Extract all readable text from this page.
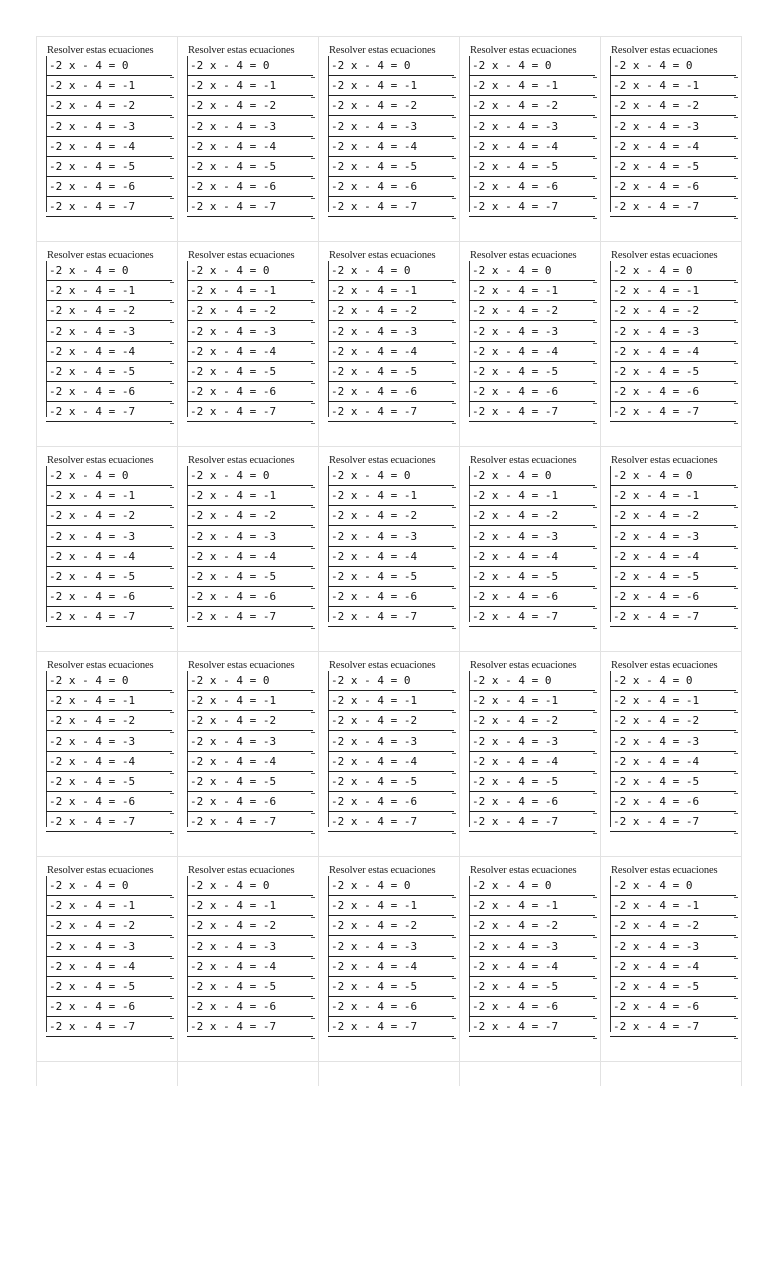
Resolver estas ecuaciones
-2 x - 4 = 0
-2 x - 4 = -1
-2 x - 4 = -2
-2 x - 4 = -3
-2 x - 4 = -4
-2 x - 4 = -5
-2 x - 4 = -6
-2 x - 4 = -7
Resolver estas ecuaciones
-2 x - 4 = 0
-2 x - 4 = -1
-2 x - 4 = -2
-2 x - 4 = -3
-2 x - 4 = -4
-2 x - 4 = -5
-2 x - 4 = -6
-2 x - 4 = -7
Resolver estas ecuaciones
-2 x - 4 = 0
-2 x - 4 = -1
-2 x - 4 = -2
-2 x - 4 = -3
-2 x - 4 = -4
-2 x - 4 = -5
-2 x - 4 = -6
-2 x - 4 = -7
Resolver estas ecuaciones
-2 x - 4 = 0
-2 x - 4 = -1
-2 x - 4 = -2
-2 x - 4 = -3
-2 x - 4 = -4
-2 x - 4 = -5
-2 x - 4 = -6
-2 x - 4 = -7
Resolver estas ecuaciones
-2 x - 4 = 0
-2 x - 4 = -1
-2 x - 4 = -2
-2 x - 4 = -3
-2 x - 4 = -4
-2 x - 4 = -5
-2 x - 4 = -6
-2 x - 4 = -7
Resolver estas ecuaciones
-2 x - 4 = 0
-2 x - 4 = -1
-2 x - 4 = -2
-2 x - 4 = -3
-2 x - 4 = -4
-2 x - 4 = -5
-2 x - 4 = -6
-2 x - 4 = -7
Resolver estas ecuaciones
-2 x - 4 = 0
-2 x - 4 = -1
-2 x - 4 = -2
-2 x - 4 = -3
-2 x - 4 = -4
-2 x - 4 = -5
-2 x - 4 = -6
-2 x - 4 = -7
Resolver estas ecuaciones
-2 x - 4 = 0
-2 x - 4 = -1
-2 x - 4 = -2
-2 x - 4 = -3
-2 x - 4 = -4
-2 x - 4 = -5
-2 x - 4 = -6
-2 x - 4 = -7
Resolver estas ecuaciones
-2 x - 4 = 0
-2 x - 4 = -1
-2 x - 4 = -2
-2 x - 4 = -3
-2 x - 4 = -4
-2 x - 4 = -5
-2 x - 4 = -6
-2 x - 4 = -7
Resolver estas ecuaciones
-2 x - 4 = 0
-2 x - 4 = -1
-2 x - 4 = -2
-2 x - 4 = -3
-2 x - 4 = -4
-2 x - 4 = -5
-2 x - 4 = -6
-2 x - 4 = -7
Resolver estas ecuaciones
-2 x - 4 = 0
-2 x - 4 = -1
-2 x - 4 = -2
-2 x - 4 = -3
-2 x - 4 = -4
-2 x - 4 = -5
-2 x - 4 = -6
-2 x - 4 = -7
Resolver estas ecuaciones
-2 x - 4 = 0
-2 x - 4 = -1
-2 x - 4 = -2
-2 x - 4 = -3
-2 x - 4 = -4
-2 x - 4 = -5
-2 x - 4 = -6
-2 x - 4 = -7
Resolver estas ecuaciones
-2 x - 4 = 0
-2 x - 4 = -1
-2 x - 4 = -2
-2 x - 4 = -3
-2 x - 4 = -4
-2 x - 4 = -5
-2 x - 4 = -6
-2 x - 4 = -7
Resolver estas ecuaciones
-2 x - 4 = 0
-2 x - 4 = -1
-2 x - 4 = -2
-2 x - 4 = -3
-2 x - 4 = -4
-2 x - 4 = -5
-2 x - 4 = -6
-2 x - 4 = -7
Resolver estas ecuaciones
-2 x - 4 = 0
-2 x - 4 = -1
-2 x - 4 = -2
-2 x - 4 = -3
-2 x - 4 = -4
-2 x - 4 = -5
-2 x - 4 = -6
-2 x - 4 = -7
Resolver estas ecuaciones
-2 x - 4 = 0
-2 x - 4 = -1
-2 x - 4 = -2
-2 x - 4 = -3
-2 x - 4 = -4
-2 x - 4 = -5
-2 x - 4 = -6
-2 x - 4 = -7
Resolver estas ecuaciones
-2 x - 4 = 0
-2 x - 4 = -1
-2 x - 4 = -2
-2 x - 4 = -3
-2 x - 4 = -4
-2 x - 4 = -5
-2 x - 4 = -6
-2 x - 4 = -7
Resolver estas ecuaciones
-2 x - 4 = 0
-2 x - 4 = -1
-2 x - 4 = -2
-2 x - 4 = -3
-2 x - 4 = -4
-2 x - 4 = -5
-2 x - 4 = -6
-2 x - 4 = -7
Resolver estas ecuaciones
-2 x - 4 = 0
-2 x - 4 = -1
-2 x - 4 = -2
-2 x - 4 = -3
-2 x - 4 = -4
-2 x - 4 = -5
-2 x - 4 = -6
-2 x - 4 = -7
Resolver estas ecuaciones
-2 x - 4 = 0
-2 x - 4 = -1
-2 x - 4 = -2
-2 x - 4 = -3
-2 x - 4 = -4
-2 x - 4 = -5
-2 x - 4 = -6
-2 x - 4 = -7
Resolver estas ecuaciones
-2 x - 4 = 0
-2 x - 4 = -1
-2 x - 4 = -2
-2 x - 4 = -3
-2 x - 4 = -4
-2 x - 4 = -5
-2 x - 4 = -6
-2 x - 4 = -7
Resolver estas ecuaciones
-2 x - 4 = 0
-2 x - 4 = -1
-2 x - 4 = -2
-2 x - 4 = -3
-2 x - 4 = -4
-2 x - 4 = -5
-2 x - 4 = -6
-2 x - 4 = -7
Resolver estas ecuaciones
-2 x - 4 = 0
-2 x - 4 = -1
-2 x - 4 = -2
-2 x - 4 = -3
-2 x - 4 = -4
-2 x - 4 = -5
-2 x - 4 = -6
-2 x - 4 = -7
Resolver estas ecuaciones
-2 x - 4 = 0
-2 x - 4 = -1
-2 x - 4 = -2
-2 x - 4 = -3
-2 x - 4 = -4
-2 x - 4 = -5
-2 x - 4 = -6
-2 x - 4 = -7
Resolver estas ecuaciones
-2 x - 4 = 0
-2 x - 4 = -1
-2 x - 4 = -2
-2 x - 4 = -3
-2 x - 4 = -4
-2 x - 4 = -5
-2 x - 4 = -6
-2 x - 4 = -7
